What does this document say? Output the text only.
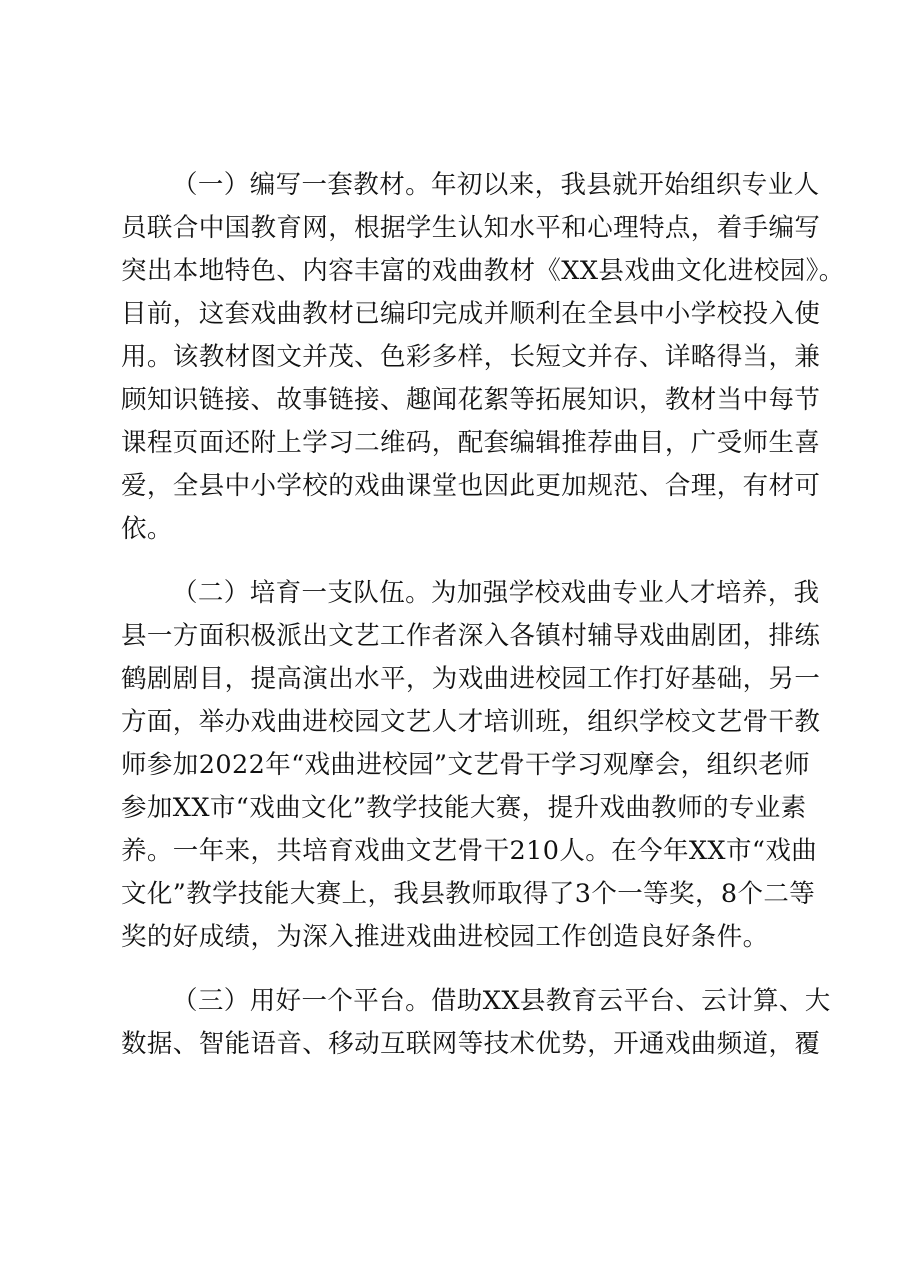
（一）编写一套教材。年初以来，我县就开始组织专业人
员联合中国教育网，根据学生认知水平和心理特点，着手编写
突出本地特色、内容丰富的戏曲教材《XX县戏曲文化进校园》。
目前，这套戏曲教材已编印完成并顺利在全县中小学校投入使
用。该教材图文并茂、色彩多样，长短文并存、详略得当，兼
顾知识链接、故事链接、趣闻花絮等拓展知识，教材当中每节
课程页面还附上学习二维码，配套编辑推荐曲目，广受师生喜
爱，全县中小学校的戏曲课堂也因此更加规范、合理，有材可
依。
（二）培育一支队伍。为加强学校戏曲专业人才培养，我
县一方面积极派出文艺工作者深入各镇村辅导戏曲剧团，排练
鹤剧剧目，提高演出水平，为戏曲进校园工作打好基础，另一
方面，举办戏曲进校园文艺人才培训班，组织学校文艺骨干教
师参加2022年“戏曲进校园”文艺骨干学习观摩会，组织老师
参加XX市“戏曲文化”教学技能大赛，提升戏曲教师的专业素
养。一年来，共培育戏曲文艺骨干210人。在今年XX市“戏曲
文化”教学技能大赛上，我县教师取得了3个一等奖，8个二等
奖的好成绩，为深入推进戏曲进校园工作创造良好条件。
（三）用好一个平台。借助XX县教育云平台、云计算、大
数据、智能语音、移动互联网等技术优势，开通戏曲频道，覆
